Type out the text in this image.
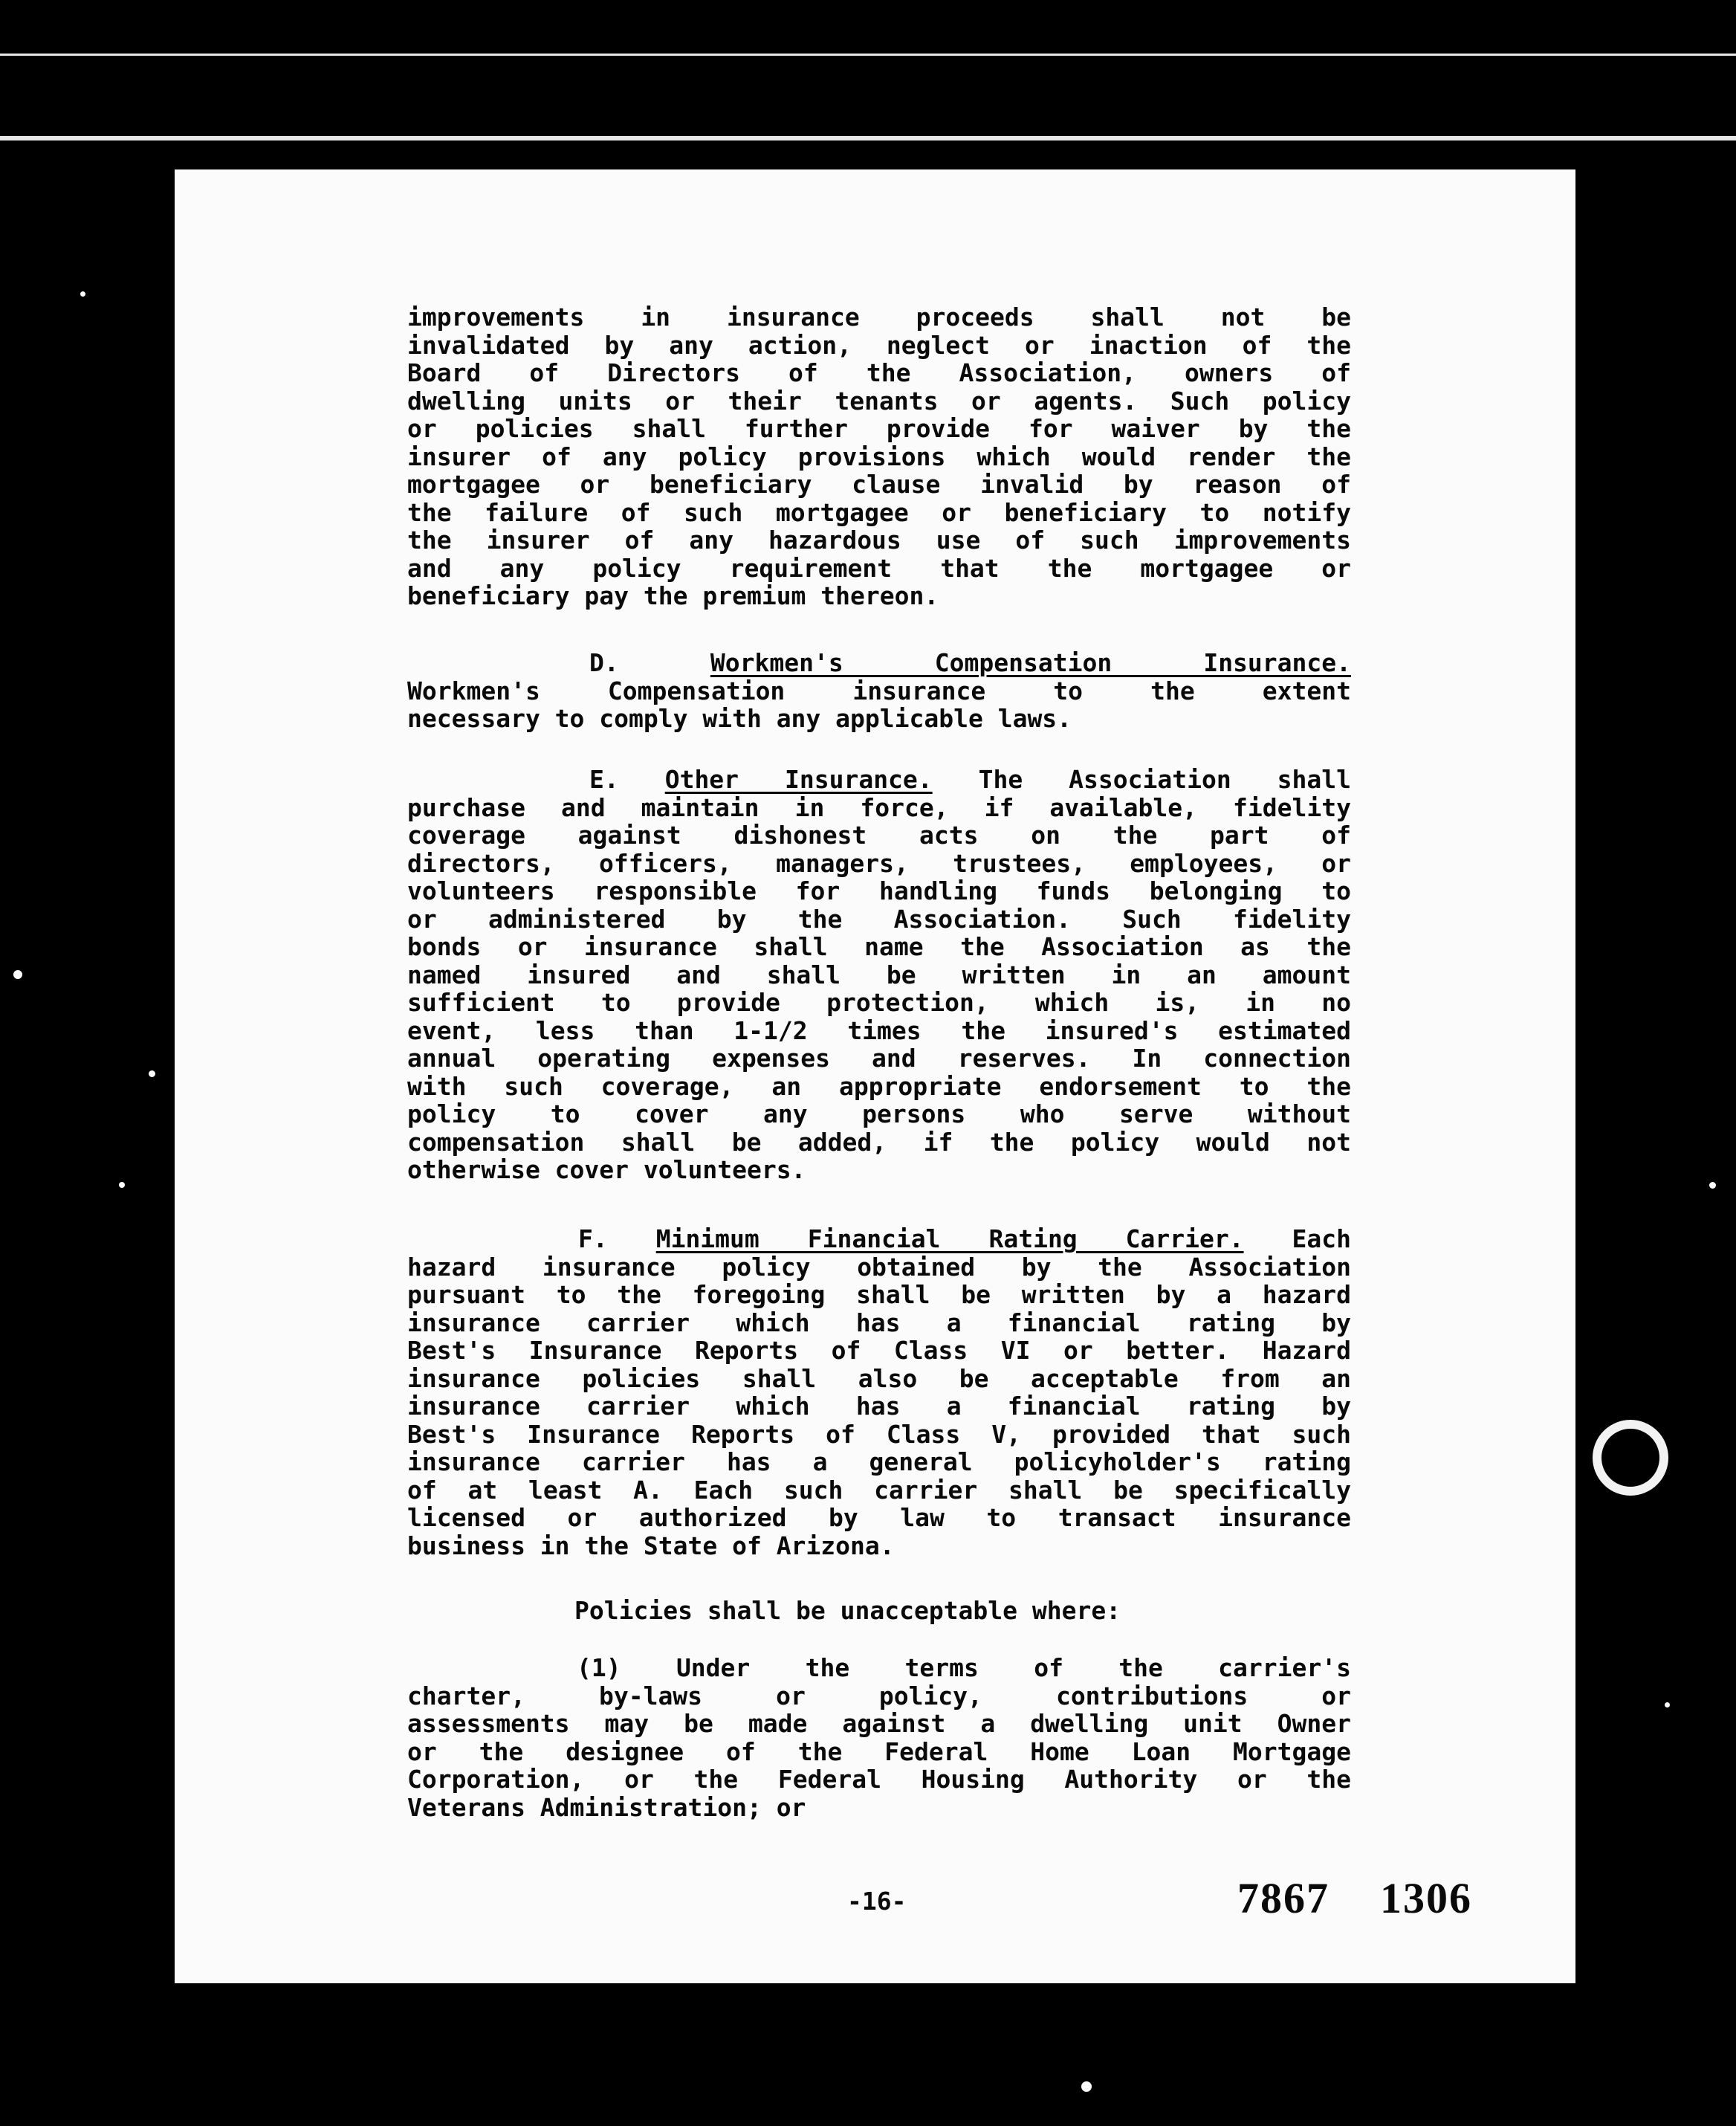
improvements in insurance proceeds shall not be

invalidated by any action, neglect or inaction of the

Board of Directors of the Association, owners of

dwelling units or their tenants or agents. Such policy

or policies shall further provide for waiver by the

insurer of any policy provisions which would render the

mortgagee or beneficiary clause invalid by reason of

the failure of such mortgagee or beneficiary to notify

the insurer of any hazardous use of such improvements

and any policy requirement that the mortgagee or

beneficiary pay the premium thereon.

D.	Workmen's Compensation Insurance.

Workmen's Compensation insurance to the extent

necessary to comply with any applicable laws.

E. Other Insurance. The Association shall

purchase and maintain in force, if available, fidelity

coverage against dishonest acts on the part of

directors, officers, managers, trustees, employees, or

volunteers responsible for handling funds belonging to

or administered by the Association. Such fidelity

bonds or insurance shall name the Association as the

named insured and shall be written in an amount

sufficient to provide protection, which is, in no

event, less than 1-1/2 times the insured's estimated

annual operating expenses and reserves. In connection

with such coverage, an appropriate endorsement to the

policy to cover any persons who serve without

compensation shall be added, if the policy would not

otherwise cover volunteers.

F. Minimum Financial Rating Carrier. Each

hazard insurance policy obtained by the Association

pursuant to the foregoing shall be written by a hazard

insurance carrier which has a financial rating by

Best's Insurance Reports of Class VI or better. Hazard

insurance policies shall also be acceptable from an

insurance carrier which has a financial rating by

Best's Insurance Reports of Class V, provided that such

insurance carrier has a general policyholder's rating

of at least A. Each such carrier shall be specifically

licensed or authorized by law to transact insurance

business in the State of Arizona.

Policies shall be unacceptable where:

(1) Under the terms of the carrier's

charter, by-laws or policy, contributions or

assessments may be made against a dwelling unit Owner

or the designee of the Federal Home Loan Mortgage

Corporation, or the Federal Housing Authority or the

Veterans Administration; or

-16-	7867 1306
